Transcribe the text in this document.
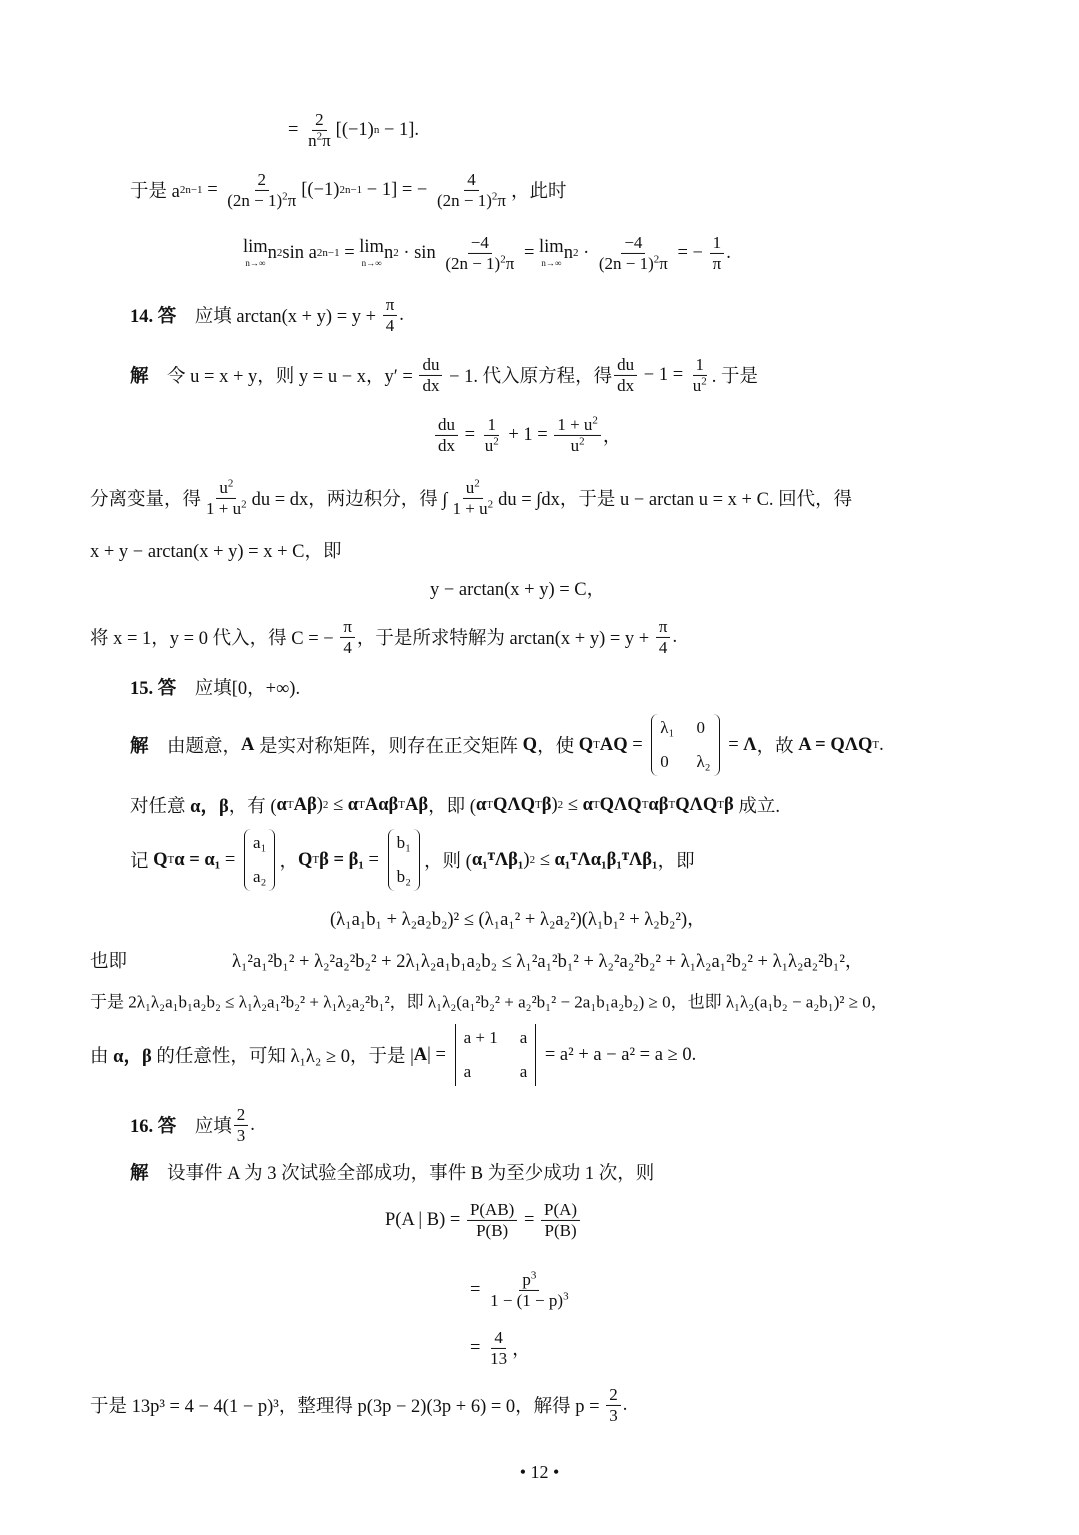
= $\frac{2}{n^2\pi} [(-1) n - 1]$.
于是 a $2n-1 = \frac{2}{(2n - 1)^2\pi} [(-1) 2n-1 - 1]$ = − $\frac{4}{(2n - 1)^2\pi}$ ，此时
lim
n→∞
n 2 sin a 2n−1 = lim
n→∞
n $2 \cdot \sin \frac{-4}{(2n - 1)^2\pi} = \lim$
n→∞
n $2 \cdot \frac{-4}{(2n - 1)^2\pi}$ = − $\frac{1}{\pi}$ .
14. 答 　应填 $\arctan(x + y) = y + \frac{\pi}{4}$ .
解 　令 u = x + y，则 y = u − x，$y' = \frac{du}{dx} - 1$. 代入原方程，得 $\frac{du}{dx} - 1 = \frac{1}{u^2}$ . 于是
$\frac{du}{dx} = \frac{1}{u^2} + 1 = \frac{1 + u^2}{u^2}$ ，
分离变量，得 $\frac{u^2}{1 + u^2}$ du = dx，两边积分，得 ∫ $\frac{u^2}{1 + u^2}$ du = ∫dx，于是 u − arctan u = x + C. 回代，得
x + y − arctan(x + y) = x + C，即
y − arctan(x + y) = C，
将 x = 1，y = 0 代入，得 C = − $\frac{\pi}{4}$ ，于是所求特解为 $\arctan(x + y) = y + \frac{\pi}{4}$ .
15. 答 　应填[0，+∞).
解 　由题意， A 是实对称矩阵，则存在正交矩阵 Q ，使 Q T AQ =
λ₁ 0
0	λ₂
= Λ ，故 A = QΛQ T .
对任意 α，β ，有 ( α T Aβ ) 2 ≤ α T Aαβ T Aβ ，即 ( α T QΛQ T β ) 2 ≤ α T QΛQ T αβ T QΛQ T β 成立.
记 Q T α = α₁ =
a₁
a₂
， Q T β = β₁ =
b₁
b₂
，则 ( α₁ᵀΛβ₁ ) 2 ≤ α₁ᵀΛα₁β₁ᵀΛβ₁ ，即
(λ₁a₁b₁ + λ₂a₂b₂)² ≤ (λ₁a₁² + λ₂a₂²)(λ₁b₁² + λ₂b₂²)，
也即	λ₁²a₁²b₁² + λ₂²a₂²b₂² + 2λ₁λ₂a₁b₁a₂b₂ ≤ λ₁²a₁²b₁² + λ₂²a₂²b₂² + λ₁λ₂a₁²b₂² + λ₁λ₂a₂²b₁²，
于是 2λ₁λ₂a₁b₁a₂b₂ ≤ λ₁λ₂a₁²b₂² + λ₁λ₂a₂²b₁²，即 λ₁λ₂(a₁²b₂² + a₂²b₁² − 2a₁b₁a₂b₂) ≥ 0，也即 λ₁λ₂(a₁b₂ − a₂b₁)² ≥ 0，
由 α，β 的任意性，可知 λ₁λ₂ ≥ 0，于是 | A | =
a + 1 a
a	a
= a² + a − a² = a ≥ 0.
16. 答 　应填 $\frac{2}{3}$ .
解 　设事件 A 为 3 次试验全部成功，事件 B 为至少成功 1 次，则
P(A | $B) = \frac{P(AB)}{P(B)} = \frac{P(A)}{P(B)}$
= $\frac{p^3}{1 - (1 - p)^3}$
= $\frac{4}{13}$ ，
于是 13p³ = 4 − 4(1 − p)³，整理得 p(3p − 2)(3p + 6) = 0，解得 $p = \frac{2}{3}$ .
• 12 •
